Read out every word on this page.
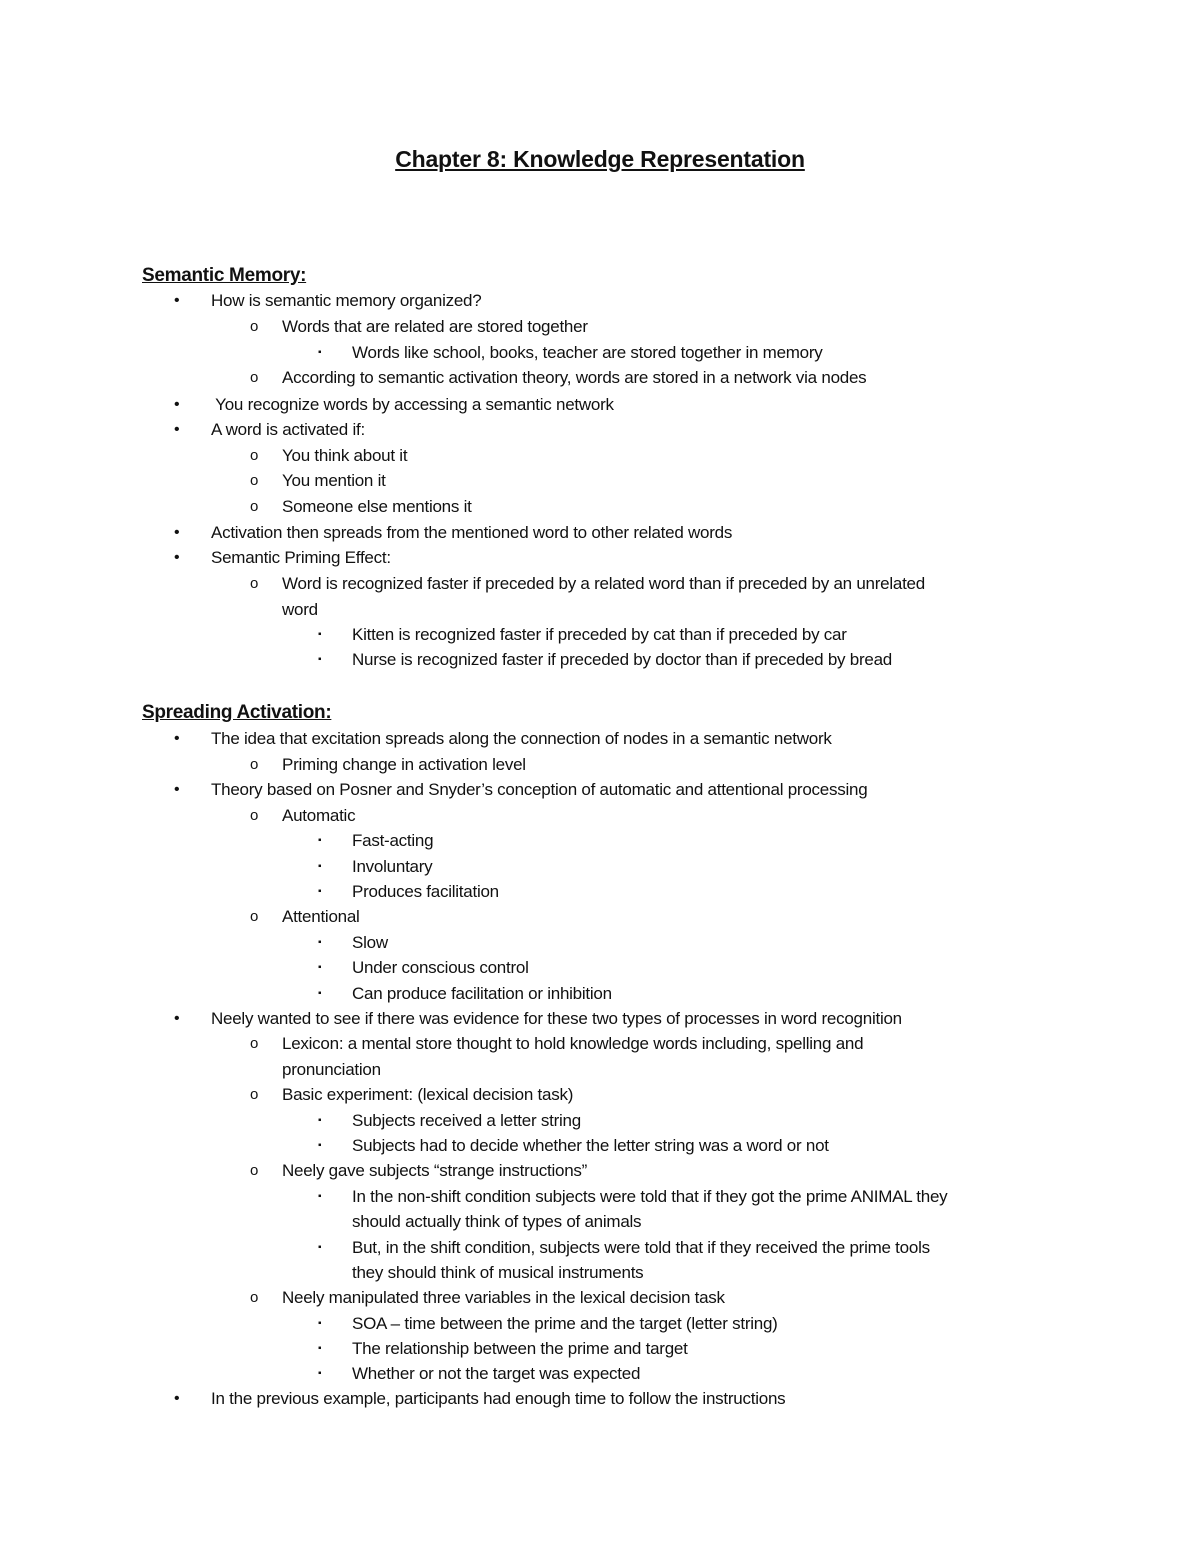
Chapter 8: Knowledge Representation
Semantic Memory:
• How is semantic memory organized?
o Words that are related are stored together
▪ Words like school, books, teacher are stored together in memory
o According to semantic activation theory, words are stored in a network via nodes
• You recognize words by accessing a semantic network
• A word is activated if:
o You think about it
o You mention it
o Someone else mentions it
• Activation then spreads from the mentioned word to other related words
• Semantic Priming Effect:
o Word is recognized faster if preceded by a related word than if preceded by an unrelated
word
▪ Kitten is recognized faster if preceded by cat than if preceded by car
▪ Nurse is recognized faster if preceded by doctor than if preceded by bread
Spreading Activation:
• The idea that excitation spreads along the connection of nodes in a semantic network
o Priming change in activation level
• Theory based on Posner and Snyder’s conception of automatic and attentional processing
o Automatic
▪ Fast-acting
▪ Involuntary
▪ Produces facilitation
o Attentional
▪ Slow
▪ Under conscious control
▪ Can produce facilitation or inhibition
• Neely wanted to see if there was evidence for these two types of processes in word recognition
o Lexicon: a mental store thought to hold knowledge words including, spelling and
pronunciation
o Basic experiment: (lexical decision task)
▪ Subjects received a letter string
▪ Subjects had to decide whether the letter string was a word or not
o Neely gave subjects “strange instructions”
▪ In the non-shift condition subjects were told that if they got the prime ANIMAL they
should actually think of types of animals
▪ But, in the shift condition, subjects were told that if they received the prime tools
they should think of musical instruments
o Neely manipulated three variables in the lexical decision task
▪ SOA – time between the prime and the target (letter string)
▪ The relationship between the prime and target
▪ Whether or not the target was expected
• In the previous example, participants had enough time to follow the instructions
